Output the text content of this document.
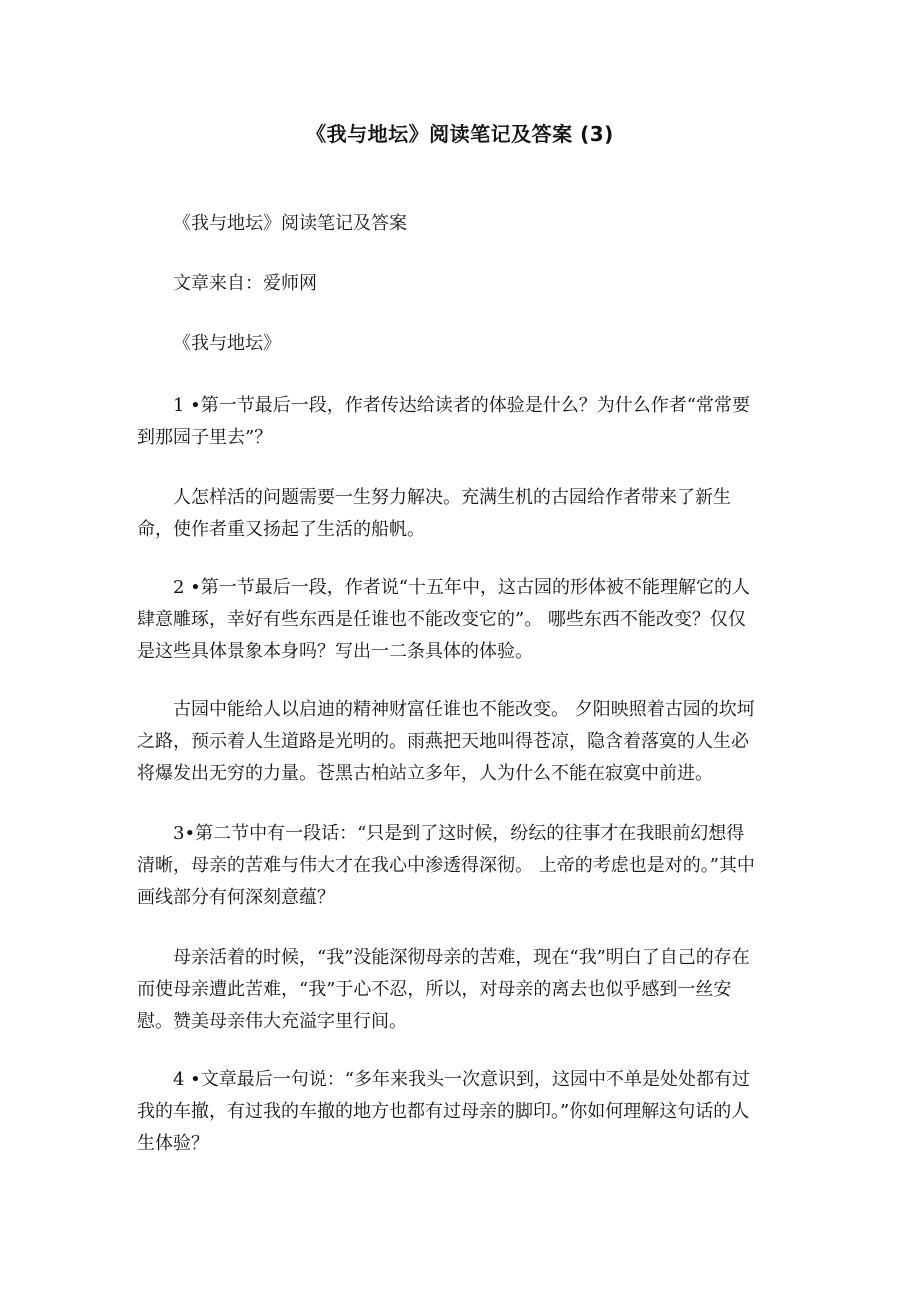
《我与地坛》阅读笔记及答案 (3)
《我与地坛》阅读笔记及答案
文章来自：爱师网
《我与地坛》
1 •第一节最后一段，作者传达给读者的体验是什么？为什么作者“常常要到那园子里去”？
人怎样活的问题需要一生努力解决。充满生机的古园给作者带来了新生命，使作者重又扬起了生活的船帆。
2 •第一节最后一段，作者说“十五年中，这古园的形体被不能理解它的人肆意雕琢，幸好有些东西是任谁也不能改变它的”。 哪些东西不能改变？仅仅是这些具体景象本身吗？写出一二条具体的体验。
古园中能给人以启迪的精神财富任谁也不能改变。 夕阳映照着古园的坎坷之路，预示着人生道路是光明的。雨燕把天地叫得苍凉，隐含着落寞的人生必将爆发出无穷的力量。苍黑古柏站立多年，人为什么不能在寂寞中前进。
3•第二节中有一段话：“只是到了这时候，纷纭的往事才在我眼前幻想得清晰，母亲的苦难与伟大才在我心中渗透得深彻。 上帝的考虑也是对的。”其中画线部分有何深刻意蕴？
母亲活着的时候，“我”没能深彻母亲的苦难，现在“我”明白了自己的存在而使母亲遭此苦难，“我”于心不忍，所以，对母亲的离去也似乎感到一丝安慰。赞美母亲伟大充溢字里行间。
4 •文章最后一句说：“多年来我头一次意识到，这园中不单是处处都有过我的车撤，有过我的车撤的地方也都有过母亲的脚印。”你如何理解这句话的人生体验？
